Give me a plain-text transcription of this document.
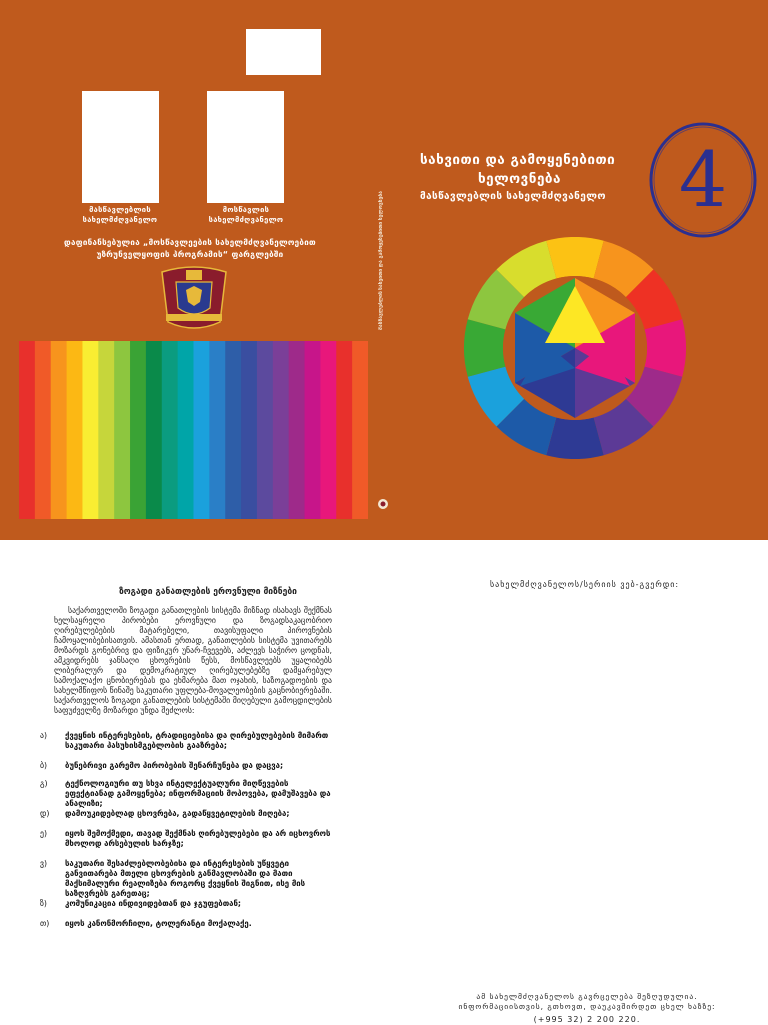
მასწავლებლის
სახელმძღვანელო
მოსწავლის
სახელმძღვანელო
დაფინანსებულია „მოსწავლეების სახელმძღვანელოებით
უზრუნველყოფის პროგრამის“ ფარგლებში	სახვითი და გამოყენებითი ხელოვნება
მასწავლებლის
სახვითი და გამოყენებითი
ხელოვნება
მასწავლებლის სახელმძღვანელო 4
ზოგადი განათლების ეროვნული მიზნები
საქართველოში ზოგადი განათლების სისტემა მიზნად ისახავს შექმნას ხელსაყრელი პირობები ეროვნული და ზოგადსაკაცობრიო ღირებულებების მატარებელი, თავისუფალი პიროვნების ჩამოყალიბებისათვის. ამასთან ერთად, განათლების სისტემა უვითარებს მოზარდს გონებრივ და ფიზიკურ უნარ-ჩვევებს, აძლევს საჭირო ცოდნას, ამკვიდრებს ჯანსაღი ცხოვრების წესს, მოსწავლეებს უყალიბებს ლიბერალურ და დემოკრატიულ ღირებულებებზე დამყარებულ სამოქალაქო ცნობიერებას და ეხმარება მათ ოჯახის, საზოგადოების და სახელმწიფოს წინაშე საკუთარი უფლება-მოვალეობების გაცნობიერებაში. საქართველოს ზოგადი განათლების სისტემაში მიღებული გამოცდილების საფუძველზე მოზარდი უნდა შეძლოს:
ა)	ქვეყნის ინტერესების, ტრადიციებისა და ღირებულებების მიმართ საკუთარი პასუხისმგებლობის გააზრება;
ბ)	ბუნებრივი გარემო პირობების შენარჩუნება და დაცვა;
გ)	ტექნოლოგიური თუ სხვა ინტელექტუალური მიღწევების ეფექტიანად გამოყენება; ინფორმაციის მოპოვება, დამუშავება და ანალიზი;
დ)	დამოუკიდებლად ცხოვრება, გადაწყვეტილების მიღება;
ე)	იყოს შემოქმედი, თავად შექმნას ღირებულებები და არ იცხოვროს მხოლოდ არსებულის ხარჯზე;
ვ)	საკუთარი შესაძლებლობებისა და ინტერესების უწყვეტი განვითარება მთელი ცხოვრების განმავლობაში და მათი მაქსიმალური რეალიზება როგორც ქვეყნის შიგნით, ისე მის საზღვრებს გარეთაც;
ზ)	კომუნიკაცია ინდივიდებთან და ჯგუფებთან;
თ)	იყოს კანონმორჩილი, ტოლერანტი მოქალაქე.
სახელმძღვანელოს/სერიის ვებ-გვერდი:
ამ სახელმძღვანელოს გავრცელება შეზღუდულია. ინფორმაციისთვის, გთხოვთ, დაუკავშირდეთ ცხელ ხაზზე:
(+995 32) 2 200 220.
